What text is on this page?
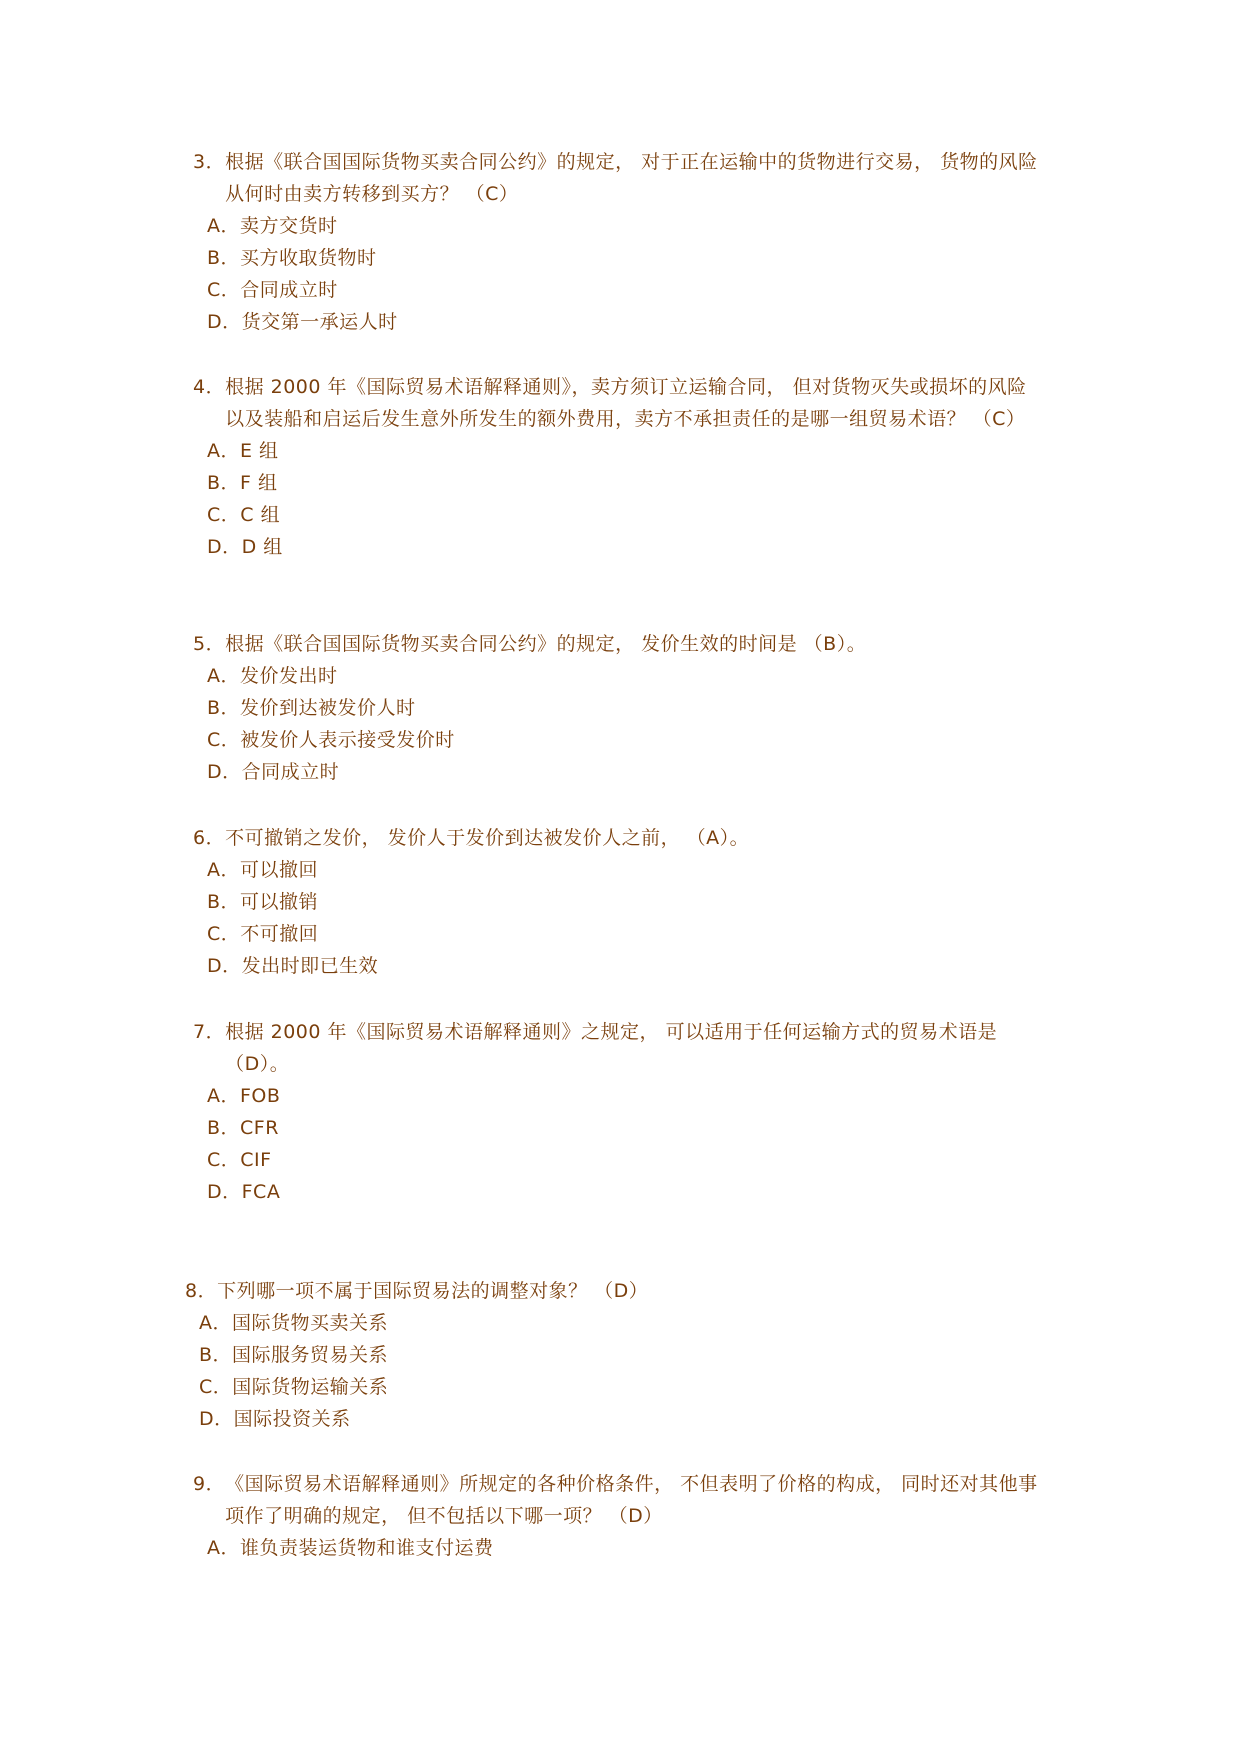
3． 根据《联合国国际货物买卖合同公约》的规定， 对于正在运输中的货物进行交易， 货物的风险从何时由卖方转移到买方？ （C）
A．卖方交货时
B．买方收取货物时
C．合同成立时
D．货交第一承运人时
4． 根据 2000 年《国际贸易术语解释通则》，卖方须订立运输合同， 但对货物灭失或损坏的风险以及装船和启运后发生意外所发生的额外费用，卖方不承担责任的是哪一组贸易术语？ （C）
A．E 组
B．F 组
C．C 组
D．D 组
5． 根据《联合国国际货物买卖合同公约》的规定， 发价生效的时间是 （B）。
A．发价发出时
B．发价到达被发价人时
C．被发价人表示接受发价时
D．合同成立时
6． 不可撤销之发价， 发价人于发价到达被发价人之前， （A）。
A．可以撤回
B．可以撤销
C．不可撤回
D．发出时即已生效
7． 根据 2000 年《国际贸易术语解释通则》之规定， 可以适用于任何运输方式的贸易术语是 （D）。
A．FOB
B．CFR
C．CIF
D．FCA
8． 下列哪一项不属于国际贸易法的调整对象？ （D）
A．国际货物买卖关系
B．国际服务贸易关系
C．国际货物运输关系
D．国际投资关系
9． 《国际贸易术语解释通则》所规定的各种价格条件， 不但表明了价格的构成， 同时还对其他事项作了明确的规定， 但不包括以下哪一项？ （D）
A．谁负责装运货物和谁支付运费
